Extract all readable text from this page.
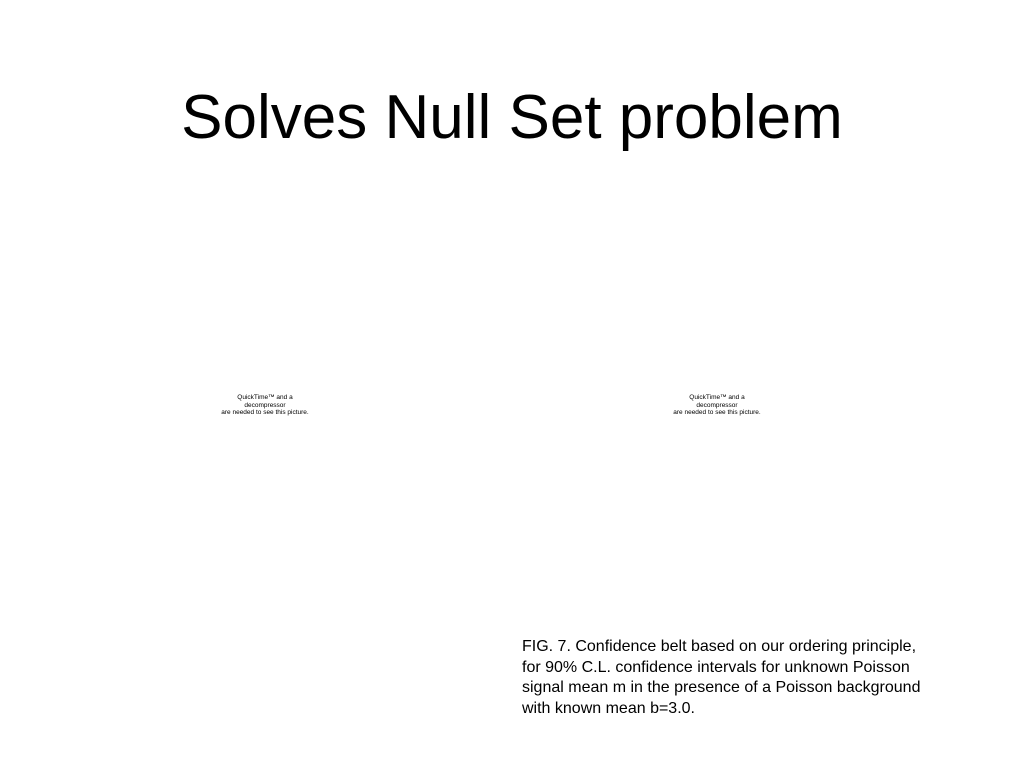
Solves Null Set problem
QuickTime™ and a
decompressor
are needed to see this picture.
QuickTime™ and a
decompressor
are needed to see this picture.
FIG. 7. Confidence belt based on our ordering principle,
for 90% C.L. confidence intervals for unknown Poisson
signal mean m in the presence of a Poisson background
with known mean b=3.0.
